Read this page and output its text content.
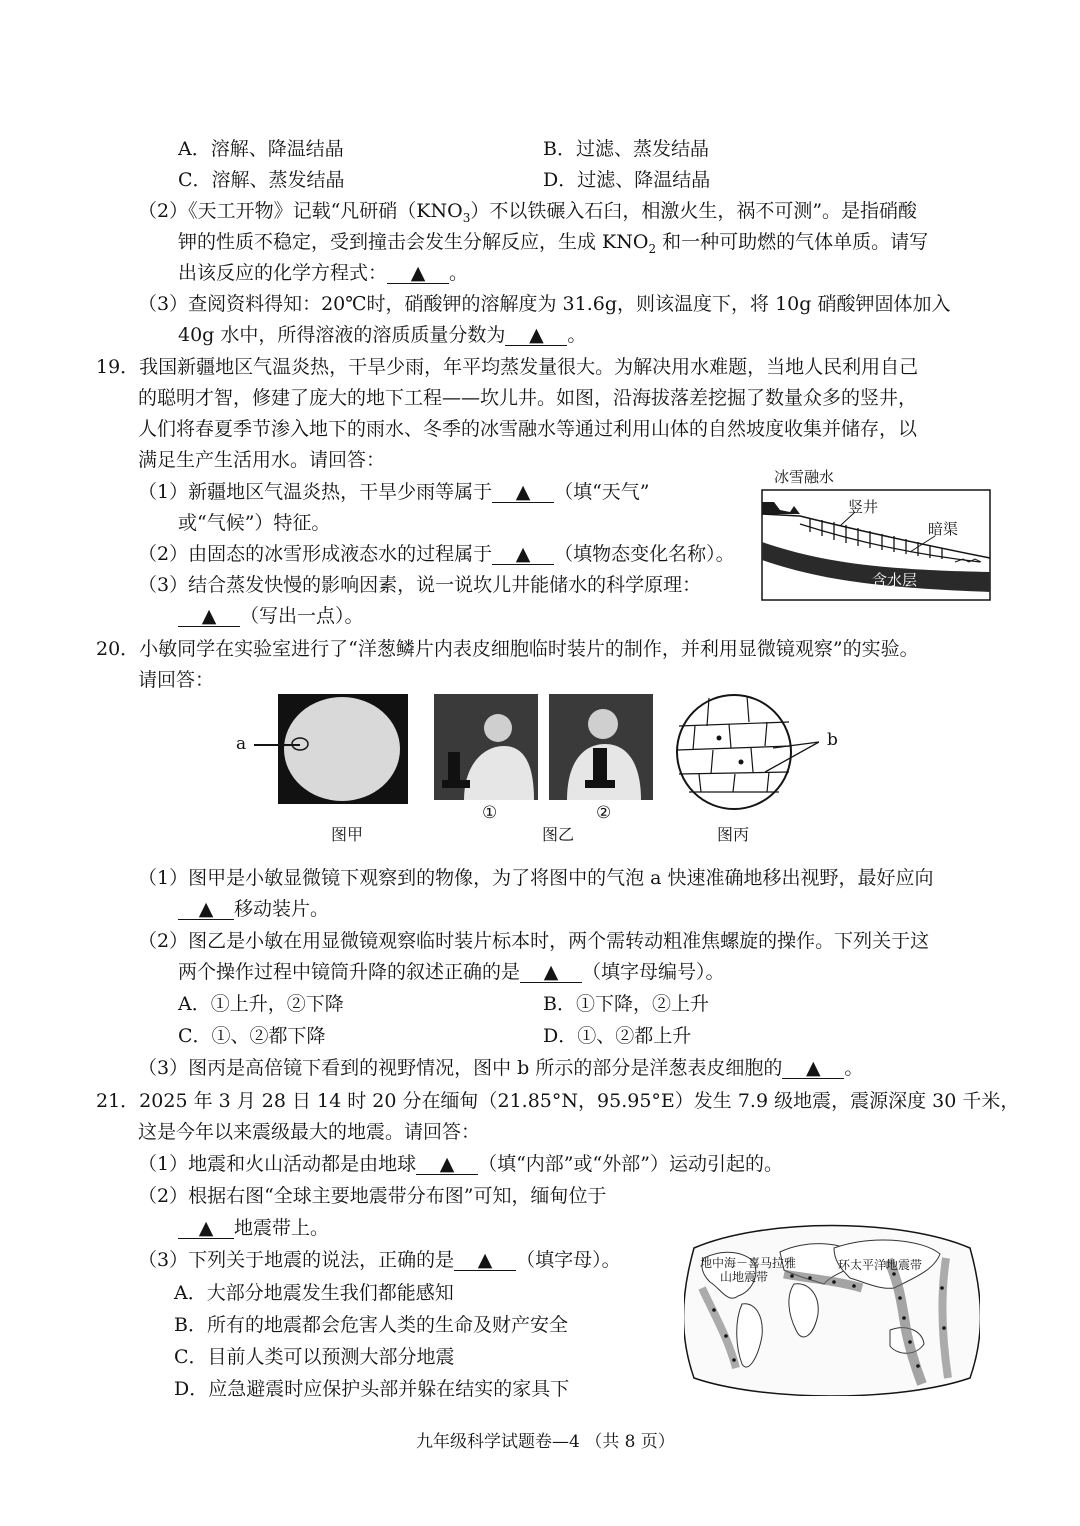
A．溶解、降温结晶	B．过滤、蒸发结晶
C．溶解、蒸发结晶	D．过滤、降温结晶
（2）《天工开物》记载“凡研硝$(KNO_3)$不以铁碾入石臼，相激火生，祸不可测”。是指硝酸
钾的性质不稳定，受到撞击会发生分解反应，生成 $KNO_2$ 和一种可助燃的气体单质。请写
出该反应的化学方程式： ▲ 。
（3）查阅资料得知：20℃时，硝酸钾的溶解度为 31.6g，则该温度下，将 10g 硝酸钾固体加入
40g 水中，所得溶液的溶质质量分数为 ▲ 。
19．我国新疆地区气温炎热，干旱少雨，年平均蒸发量很大。为解决用水难题，当地人民利用自己
的聪明才智，修建了庞大的地下工程——坎儿井。如图，沿海拔落差挖掘了数量众多的竖井，
人们将春夏季节渗入地下的雨水、冬季的冰雪融水等通过利用山体的自然坡度收集并储存，以
满足生产生活用水。请回答：
（1）新疆地区气温炎热，干旱少雨等属于 ▲ （填“天气”
或“气候”）特征。
（2）由固态的冰雪形成液态水的过程属于 ▲ （填物态变化名称）。
（3）结合蒸发快慢的影响因素，说一说坎儿井能储水的科学原理：
▲ （写出一点）。
冰雪融水
竖井
暗渠
含水层
20．小敏同学在实验室进行了“洋葱鳞片内表皮细胞临时装片的制作，并利用显微镜观察”的实验。
请回答：
a
①	②
b
图甲	图乙	图丙
（1）图甲是小敏显微镜下观察到的物像，为了将图中的气泡 a 快速准确地移出视野，最好应向
▲ 移动装片。
（2）图乙是小敏在用显微镜观察临时装片标本时，两个需转动粗准焦螺旋的操作。下列关于这
两个操作过程中镜筒升降的叙述正确的是 ▲ （填字母编号）。
A．①上升，②下降	B．①下降，②上升
C．①、②都下降	D．①、②都上升
（3）图丙是高倍镜下看到的视野情况，图中 b 所示的部分是洋葱表皮细胞的 ▲ 。
21．2025 年 3 月 28 日 14 时 20 分在缅甸（21.85°N，95.95°E）发生 7.9 级地震，震源深度 30 千米，
这是今年以来震级最大的地震。请回答：
（1）地震和火山活动都是由地球 ▲ （填“内部”或“外部”）运动引起的。
（2）根据右图“全球主要地震带分布图”可知，缅甸位于
▲ 地震带上。
（3）下列关于地震的说法，正确的是 ▲ （填字母）。
A．大部分地震发生我们都能感知
B．所有的地震都会危害人类的生命及财产安全
C．目前人类可以预测大部分地震
D．应急避震时应保护头部并躲在结实的家具下
地中海－喜马拉雅
山地震带
环太平洋地震带
九年级科学试题卷—4 （共 8 页）
